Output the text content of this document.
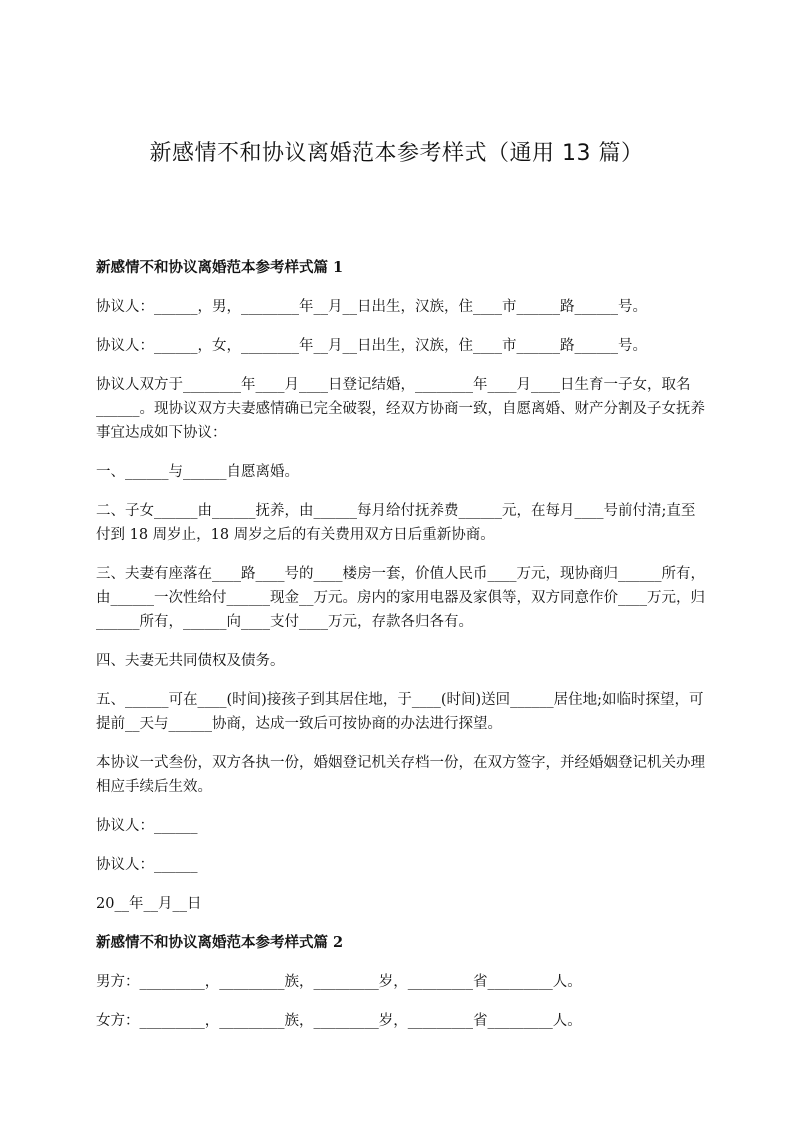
新感情不和协议离婚范本参考样式（通用 13 篇）
新感情不和协议离婚范本参考样式篇 1
协议人：______，男，________年__月__日出生，汉族，住____市______路______号。
协议人：______，女，________年__月__日出生，汉族，住____市______路______号。
协议人双方于________年____月____日登记结婚，________年____月____日生育一子女，取名______。现协议双方夫妻感情确已完全破裂，经双方协商一致，自愿离婚、财产分割及子女抚养事宜达成如下协议：
一、______与______自愿离婚。
二、子女______由______抚养，由______每月给付抚养费______元，在每月____号前付清;直至付到 18 周岁止，18 周岁之后的有关费用双方日后重新协商。
三、夫妻有座落在____路____号的____楼房一套，价值人民币____万元，现协商归______所有，由______一次性给付______现金__万元。房内的家用电器及家俱等，双方同意作价____万元，归______所有，______向____支付____万元，存款各归各有。
四、夫妻无共同债权及债务。
五、______可在____(时间)接孩子到其居住地，于____(时间)送回______居住地;如临时探望，可提前__天与______协商，达成一致后可按协商的办法进行探望。
本协议一式叁份，双方各执一份，婚姻登记机关存档一份，在双方签字，并经婚姻登记机关办理相应手续后生效。
协议人：______
协议人：______
20__年__月__日
新感情不和协议离婚范本参考样式篇 2
男方：_________，_________族，_________岁，_________省_________人。
女方：_________，_________族，_________岁，_________省_________人。
